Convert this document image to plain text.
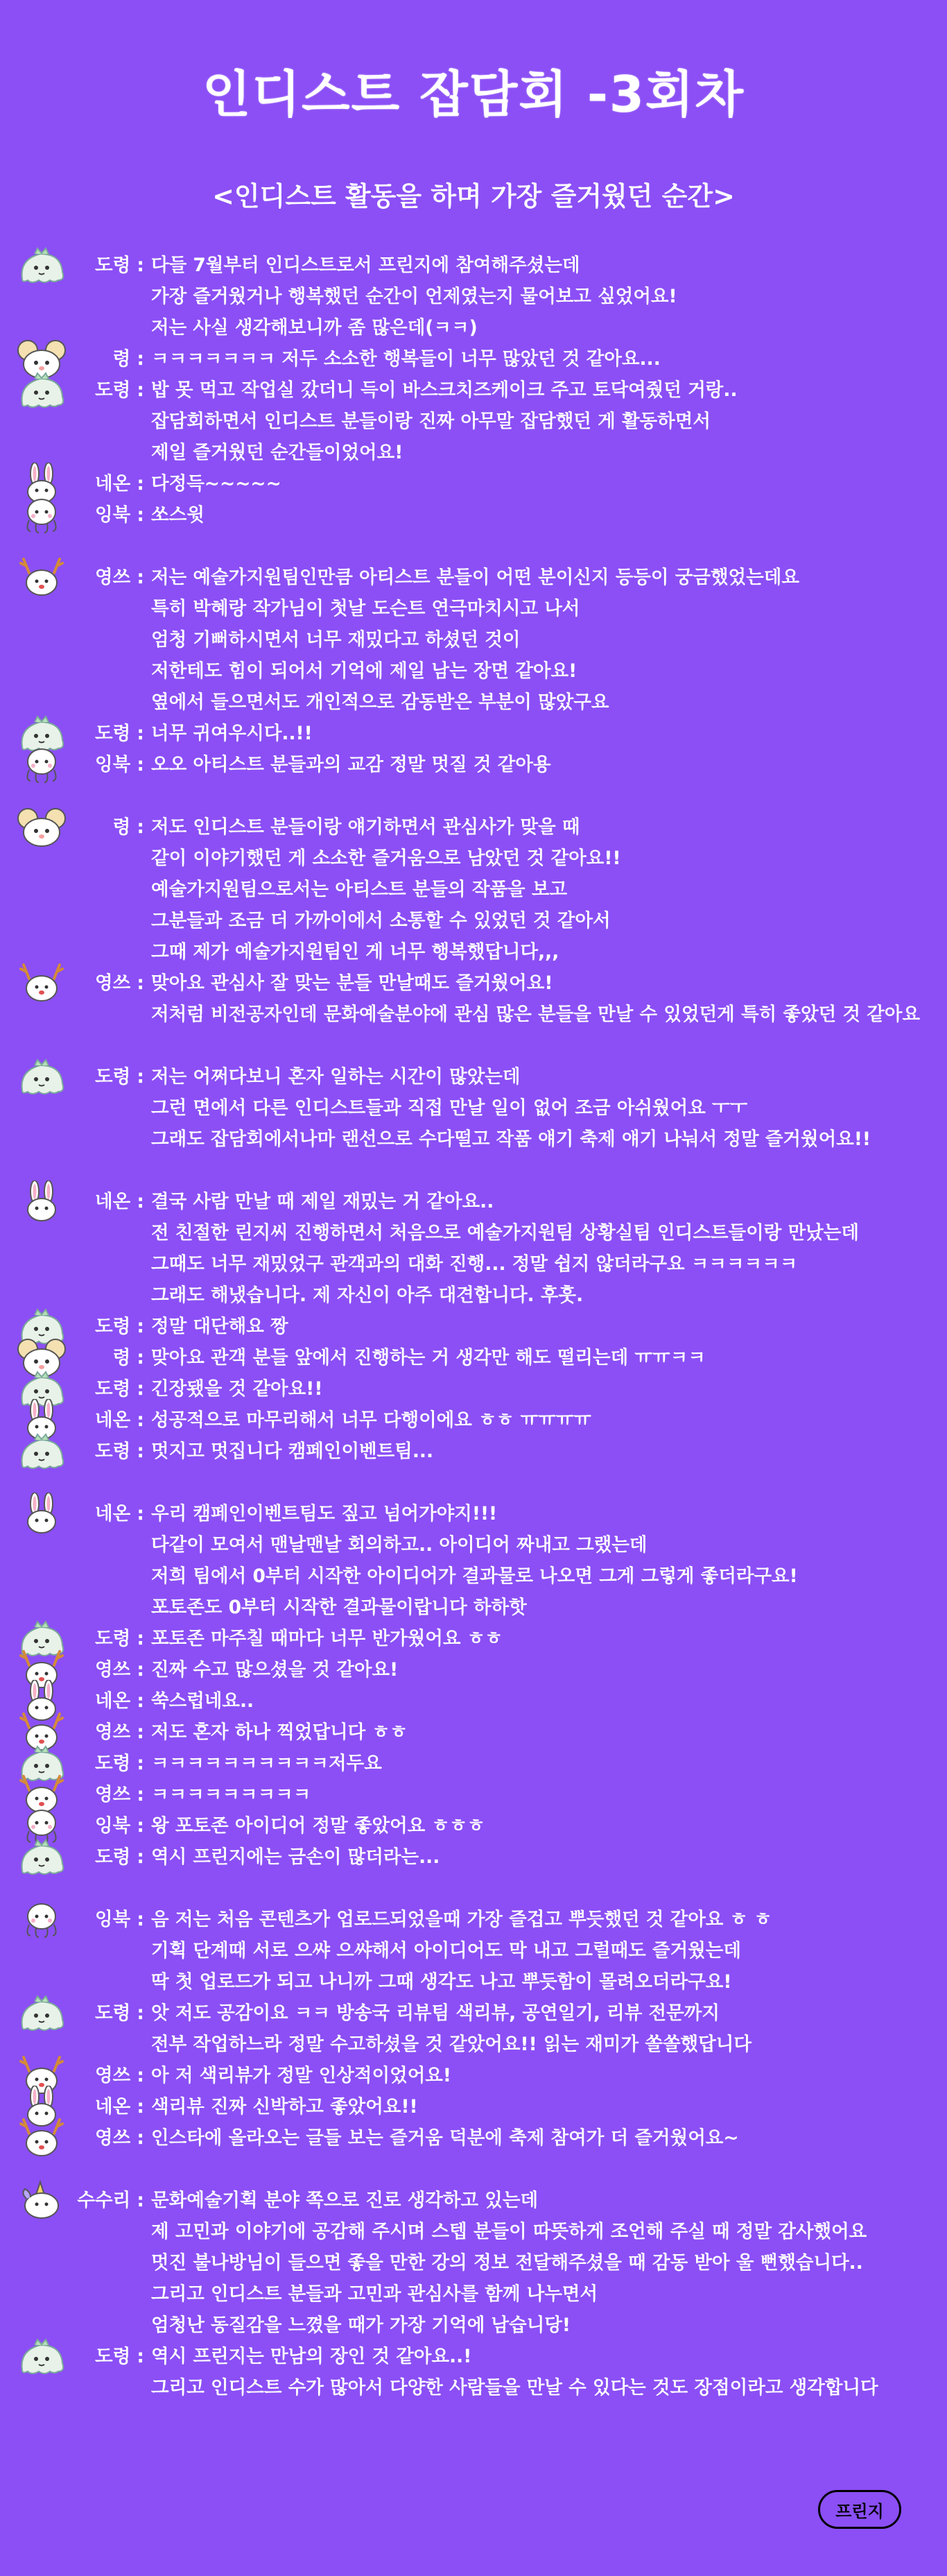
인디스트 잡담회 -3회차
<인디스트 활동을 하며 가장 즐거웠던 순간>
도령 : 다들 7월부터 인디스트로서 프린지에 참여해주셨는데
가장 즐거웠거나 행복했던 순간이 언제였는지 물어보고 싶었어요!
저는 사실 생각해보니까 좀 많은데(ㅋㅋ)
령 : ㅋㅋㅋㅋㅋㅋㅋ 저두 소소한 행복들이 너무 많았던 것 같아요...
도령 : 밥 못 먹고 작업실 갔더니 득이 바스크치즈케이크 주고 토닥여줬던 거랑..
잡담회하면서 인디스트 분들이랑 진짜 아무말 잡담했던 게 활동하면서
제일 즐거웠던 순간들이었어요!
네온 : 다정득~~~~~
잉북 : 쏘스윗
영쓰 : 저는 예술가지원팀인만큼 아티스트 분들이 어떤 분이신지 등등이 궁금했었는데요
특히 박혜랑 작가님이 첫날 도슨트 연극마치시고 나서
엄청 기뻐하시면서 너무 재밌다고 하셨던 것이
저한테도 힘이 되어서 기억에 제일 남는 장면 같아요!
옆에서 들으면서도 개인적으로 감동받은 부분이 많았구요
도령 : 너무 귀여우시다..!!
잉북 : 오오 아티스트 분들과의 교감 정말 멋질 것 같아용
령 : 저도 인디스트 분들이랑 얘기하면서 관심사가 맞을 때
같이 이야기했던 게 소소한 즐거움으로 남았던 것 같아요!!
예술가지원팀으로서는 아티스트 분들의 작품을 보고
그분들과 조금 더 가까이에서 소통할 수 있었던 것 같아서
그때 제가 예술가지원팀인 게 너무 행복했답니다,,,
영쓰 : 맞아요 관심사 잘 맞는 분들 만날때도 즐거웠어요!
저처럼 비전공자인데 문화예술분야에 관심 많은 분들을 만날 수 있었던게 특히 좋았던 것 같아요
도령 : 저는 어쩌다보니 혼자 일하는 시간이 많았는데
그런 면에서 다른 인디스트들과 직접 만날 일이 없어 조금 아쉬웠어요 ㅜㅜ
그래도 잡담회에서나마 랜선으로 수다떨고 작품 얘기 축제 얘기 나눠서 정말 즐거웠어요!!
네온 : 결국 사람 만날 때 제일 재밌는 거 같아요..
전 친절한 린지씨 진행하면서 처음으로 예술가지원팀 상황실팀 인디스트들이랑 만났는데
그때도 너무 재밌었구 관객과의 대화 진행... 정말 쉽지 않더라구요 ㅋㅋㅋㅋㅋㅋ
그래도 해냈습니다. 제 자신이 아주 대견합니다. 후훗.
도령 : 정말 대단해요 짱
령 : 맞아요 관객 분들 앞에서 진행하는 거 생각만 해도 떨리는데 ㅠㅠㅋㅋ
도령 : 긴장됐을 것 같아요!!
네온 : 성공적으로 마무리해서 너무 다행이에요 ㅎㅎ ㅠㅠㅠㅠ
도령 : 멋지고 멋집니다 캠페인이벤트팀...
네온 : 우리 캠페인이벤트팀도 짚고 넘어가야지!!!
다같이 모여서 맨날맨날 회의하고.. 아이디어 짜내고 그랬는데
저희 팀에서 0부터 시작한 아이디어가 결과물로 나오면 그게 그렇게 좋더라구요!
포토존도 0부터 시작한 결과물이랍니다 하하핫
도령 : 포토존 마주칠 때마다 너무 반가웠어요 ㅎㅎ
영쓰 : 진짜 수고 많으셨을 것 같아요!
네온 : 쑥스럽네요..
영쓰 : 저도 혼자 하나 찍었답니다 ㅎㅎ
도령 : ㅋㅋㅋㅋㅋㅋㅋㅋㅋㅋ저두요
영쓰 : ㅋㅋㅋㅋㅋㅋㅋㅋㅋ
잉북 : 왕 포토존 아이디어 정말 좋았어요 ㅎㅎㅎ
도령 : 역시 프린지에는 금손이 많더라는...
잉북 : 음 저는 처음 콘텐츠가 업로드되었을때 가장 즐겁고 뿌듯했던 것 같아요 ㅎ ㅎ
기획 단계때 서로 으쌰 으쌰해서 아이디어도 막 내고 그럴때도 즐거웠는데
딱 첫 업로드가 되고 나니까 그때 생각도 나고 뿌듯함이 몰려오더라구요!
도령 : 앗 저도 공감이요 ㅋㅋ 방송국 리뷰팀 색리뷰, 공연일기, 리뷰 전문까지
전부 작업하느라 정말 수고하셨을 것 같았어요!! 읽는 재미가 쏠쏠했답니다
영쓰 : 아 저 색리뷰가 정말 인상적이었어요!
네온 : 색리뷰 진짜 신박하고 좋았어요!!
영쓰 : 인스타에 올라오는 글들 보는 즐거움 덕분에 축제 참여가 더 즐거웠어요~
수수리 : 문화예술기획 분야 쪽으로 진로 생각하고 있는데
제 고민과 이야기에 공감해 주시며 스텝 분들이 따뜻하게 조언해 주실 때 정말 감사했어요
멋진 불나방님이 들으면 좋을 만한 강의 정보 전달해주셨을 때 감동 받아 울 뻔했습니다..
그리고 인디스트 분들과 고민과 관심사를 함께 나누면서
엄청난 동질감을 느꼈을 때가 가장 기억에 남습니당!
도령 : 역시 프린지는 만남의 장인 것 같아요..!
그리고 인디스트 수가 많아서 다양한 사람들을 만날 수 있다는 것도 장점이라고 생각합니다
프린지
